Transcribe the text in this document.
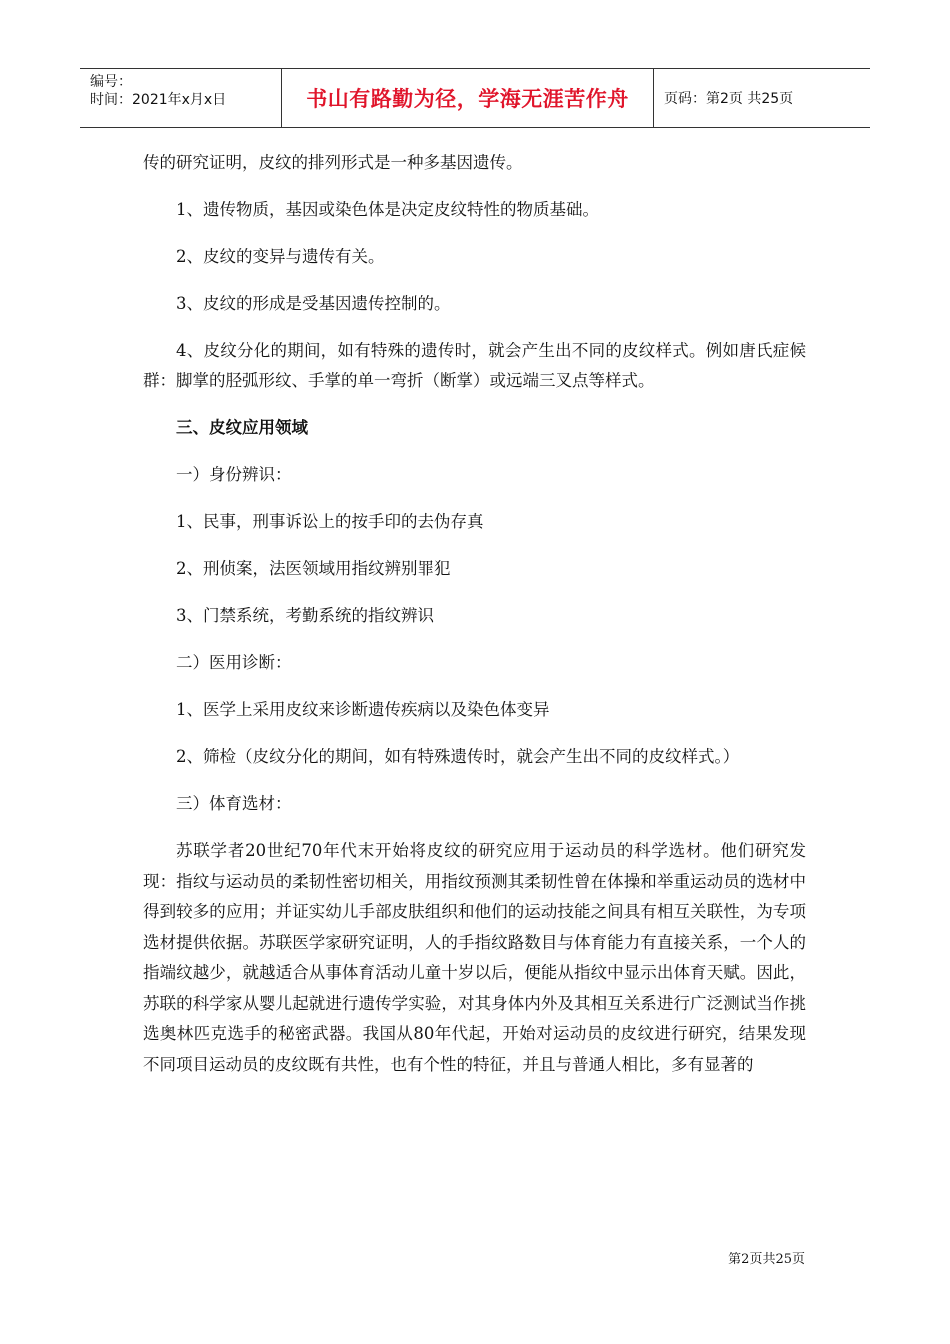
编号：
时间：2021年x月x日	书山有路勤为径，学海无涯苦作舟	页码：第2页 共25页

传的研究证明，皮纹的排列形式是一种多基因遗传。

1、遗传物质，基因或染色体是决定皮纹特性的物质基础。

2、皮纹的变异与遗传有关。

3、皮纹的形成是受基因遗传控制的。

4、皮纹分化的期间，如有特殊的遗传时，就会产生出不同的皮纹样式。例如唐氏症候群：脚掌的胫弧形纹、手掌的单一弯折（断掌）或远端三叉点等样式。

三、皮纹应用领域

一）身份辨识：

1、民事，刑事诉讼上的按手印的去伪存真

2、刑侦案，法医领域用指纹辨别罪犯

3、门禁系统，考勤系统的指纹辨识

二）医用诊断：

1、医学上采用皮纹来诊断遗传疾病以及染色体变异

2、筛检（皮纹分化的期间，如有特殊遗传时，就会产生出不同的皮纹样式。）

三）体育选材：

苏联学者20世纪70年代末开始将皮纹的研究应用于运动员的科学选材。他们研究发现：指纹与运动员的柔韧性密切相关，用指纹预测其柔韧性曾在体操和举重运动员的选材中得到较多的应用；并证实幼儿手部皮肤组织和他们的运动技能之间具有相互关联性，为专项选材提供依据。苏联医学家研究证明，人的手指纹路数目与体育能力有直接关系，一个人的指端纹越少，就越适合从事体育活动儿童十岁以后，便能从指纹中显示出体育天赋。因此，苏联的科学家从婴儿起就进行遗传学实验，对其身体内外及其相互关系进行广泛测试当作挑选奥林匹克选手的秘密武器。我国从80年代起，开始对运动员的皮纹进行研究，结果发现不同项目运动员的皮纹既有共性，也有个性的特征，并且与普通人相比，多有显著的

第2页共25页
